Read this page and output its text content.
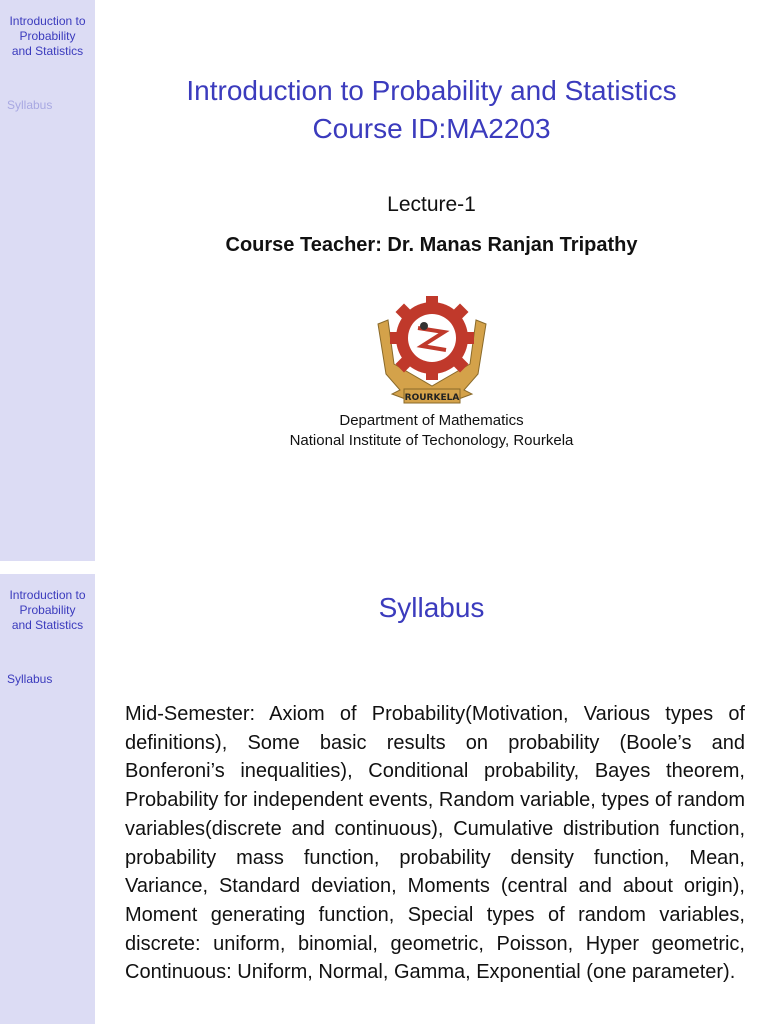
Introduction to
Probability
and Statistics
Syllabus	Introduction to Probability and Statistics
Course ID:MA2203
Lecture-1
Course Teacher: Dr. Manas Ranjan Tripathy
ROURKELA
Department of Mathematics
National Institute of Techonology, Rourkela
Introduction to
Probability
and Statistics
Syllabus
Syllabus
Mid-Semester: Axiom of Probability(Motivation, Various types of definitions), Some basic results on probability (Boole’s and Bonferoni’s inequalities), Conditional probability, Bayes theorem, Probability for independent events, Random variable, types of random variables(discrete and continuous), Cumulative distribution function, probability mass function, probability density function, Mean, Variance, Standard deviation, Moments (central and about origin), Moment generating function, Special types of random variables, discrete: uniform, binomial, geometric, Poisson, Hyper geometric, Continuous: Uniform, Normal, Gamma, Exponential (one parameter).
